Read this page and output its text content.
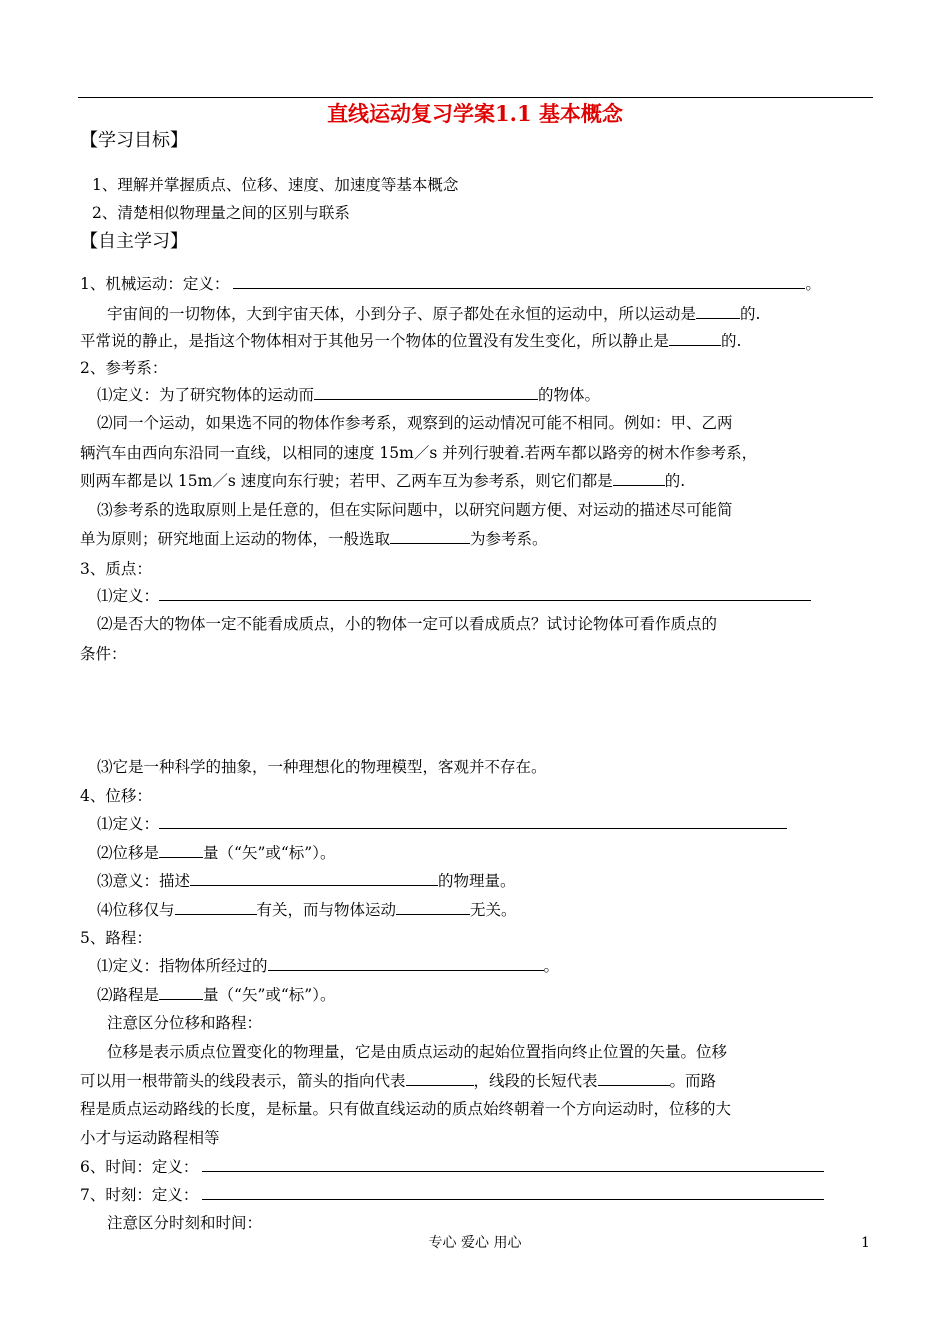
直线运动复习学案1.1 基本概念
【学习目标】
1、理解并掌握质点、位移、速度、加速度等基本概念
2、清楚相似物理量之间的区别与联系
【自主学习】
1、机械运动：定义：	。
宇宙间的一切物体，大到宇宙天体，小到分子、原子都处在永恒的运动中，所以运动是	的.
平常说的静止，是指这个物体相对于其他另一个物体的位置没有发生变化，所以静止是	的.
2、参考系：
⑴定义：为了研究物体的运动而	的物体。
⑵同一个运动，如果选不同的物体作参考系，观察到的运动情况可能不相同。例如：甲、乙两
辆汽车由西向东沿同一直线，以相同的速度 15m／s 并列行驶着.若两车都以路旁的树木作参考系，
则两车都是以 15m／s 速度向东行驶；若甲、乙两车互为参考系，则它们都是	的.
⑶参考系的选取原则上是任意的，但在实际问题中，以研究问题方便、对运动的描述尽可能简
单为原则；研究地面上运动的物体，一般选取	为参考系。
3、质点：
⑴定义：
⑵是否大的物体一定不能看成质点，小的物体一定可以看成质点？试讨论物体可看作质点的
条件：
⑶它是一种科学的抽象，一种理想化的物理模型，客观并不存在。
4、位移：
⑴定义：
⑵位移是	量（“矢”或“标”）。
⑶意义：描述	的物理量。
⑷位移仅与	有关，而与物体运动	无关。
5、路程：
⑴定义：指物体所经过的	。
⑵路程是	量（“矢”或“标”）。
注意区分位移和路程：
位移是表示质点位置变化的物理量，它是由质点运动的起始位置指向终止位置的矢量。位移
可以用一根带箭头的线段表示，箭头的指向代表	，线段的长短代表	。而路
程是质点运动路线的长度，是标量。只有做直线运动的质点始终朝着一个方向运动时，位移的大
小才与运动路程相等
6、时间：定义：
7、时刻：定义：
注意区分时刻和时间：
专心 爱心 用心	1
